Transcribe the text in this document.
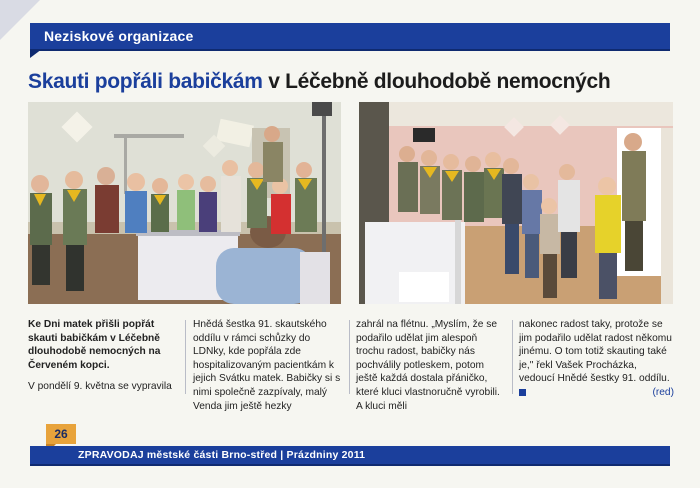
Neziskové organizace
Skauti popřáli babičkám v Léčebně dlouhodobě nemocných

Ke Dni matek přišli popřát skauti babičkám v Léčebně dlouhodobě nemocných na Červeném kopci.

V pondělí 9. května se vypravila

Hnědá šestka 91. skautského oddílu v rámci schůzky do LDNky, kde popřála zde hospitalizovaným pacientkám k jejich Svátku matek. Babičky si s nimi společně zazpívaly, malý Venda jim ještě hezky

zahrál na flétnu. „Myslím, že se podařilo udělat jim alespoň trochu radost, babičky nás pochválily potleskem, potom ještě každá dostala přáničko, které kluci vlastnoručně vyrobili. A kluci měli

nakonec radost taky, protože se jim podařilo udělat radost někomu jinému. O tom totiž skauting také je," řekl Vašek Procházka, vedoucí Hnědé šestky 91. oddílu.

(red)
26
ZPRAVODAJ městské části Brno-střed | Prázdniny 2011
